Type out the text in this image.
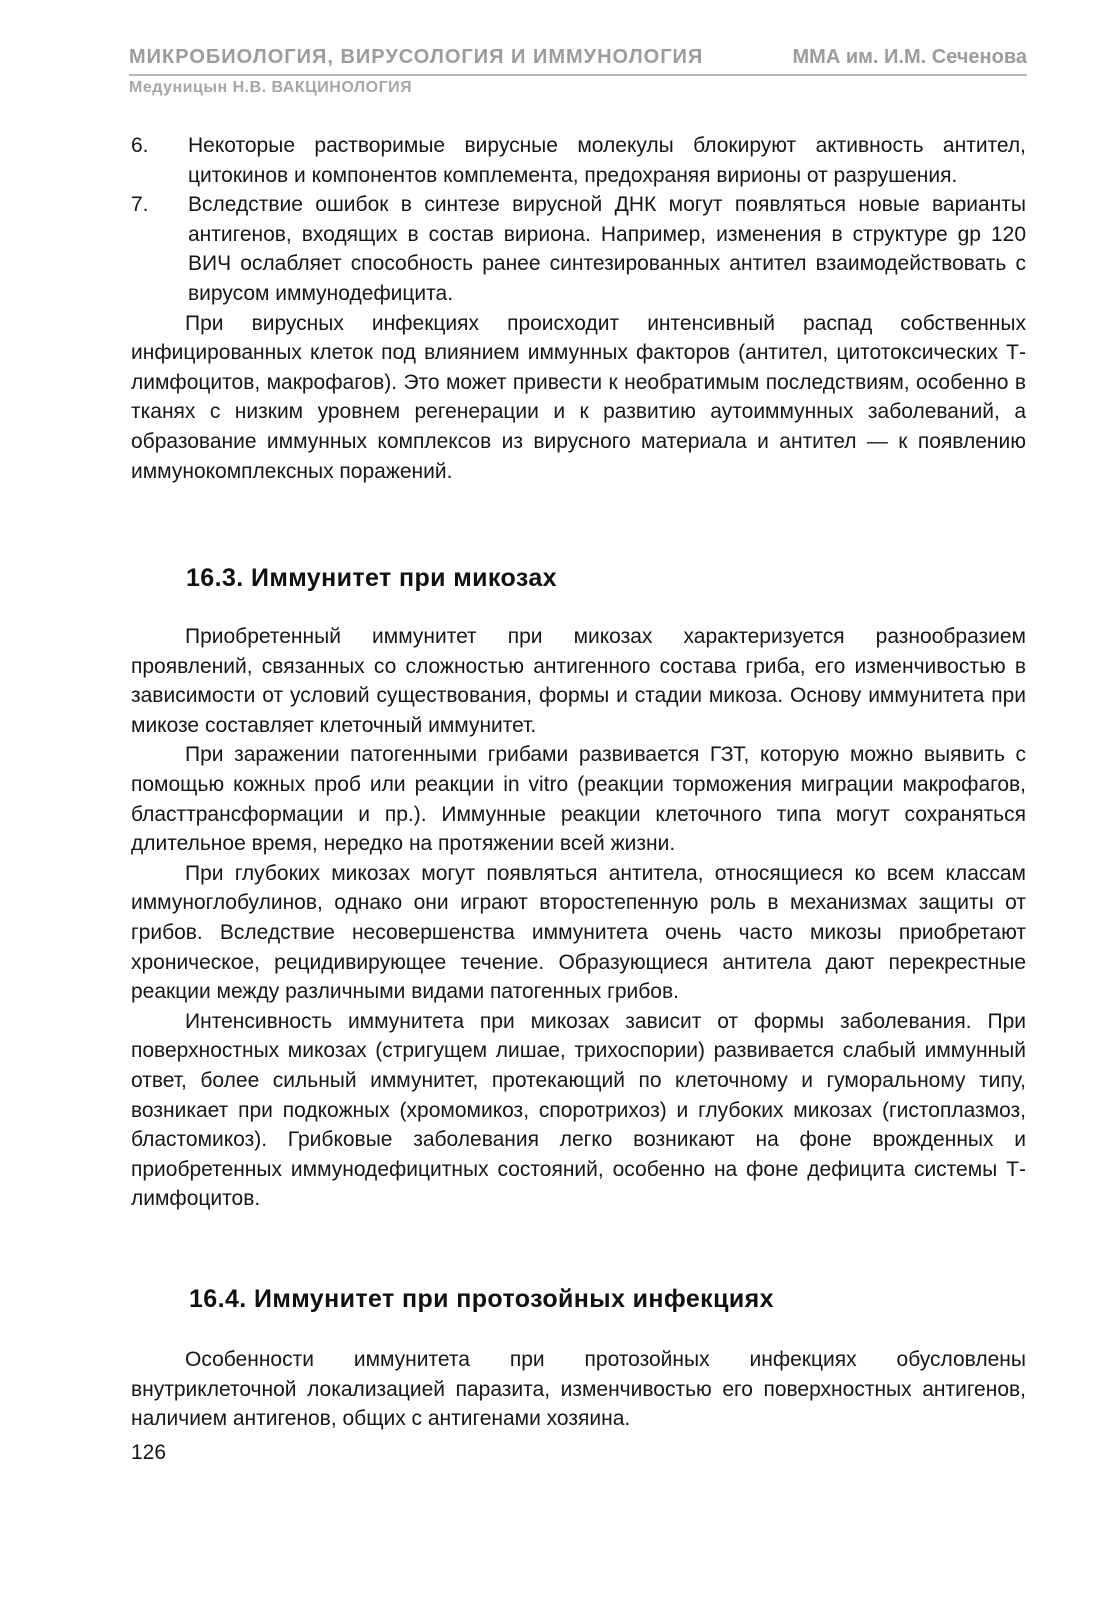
МИКРОБИОЛОГИЯ, ВИРУСОЛОГИЯ И ИММУНОЛОГИЯ	ММА им. И.М. Сеченова
Медуницын Н.В. ВАКЦИНОЛОГИЯ
6. Некоторые растворимые вирусные молекулы блокируют активность антител, цитокинов и компонентов комплемента, предохраняя вирионы от разрушения.
7. Вследствие ошибок в синтезе вирусной ДНК могут появляться новые варианты антигенов, входящих в состав вириона. Например, изменения в структуре gp 120 ВИЧ ослабляет способность ранее синтезированных антител взаимодействовать с вирусом иммунодефицита.
При вирусных инфекциях происходит интенсивный распад собственных инфицированных клеток под влиянием иммунных факторов (антител, цитотоксических Т-лимфоцитов, макрофагов). Это может привести к необратимым последствиям, особенно в тканях с низким уровнем регенерации и к развитию аутоиммунных заболеваний, а образование иммунных комплексов из вирусного материала и антител — к появлению иммунокомплексных поражений.
16.3. Иммунитет при микозах
Приобретенный иммунитет при микозах характеризуется разнообразием проявлений, связанных со сложностью антигенного состава гриба, его изменчивостью в зависимости от условий существования, формы и стадии микоза. Основу иммунитета при микозе составляет клеточный иммунитет.
При заражении патогенными грибами развивается ГЗТ, которую можно выявить с помощью кожных проб или реакции in vitro (реакции торможения миграции макрофагов, бласттрансформации и пр.). Иммунные реакции клеточного типа могут сохраняться длительное время, нередко на протяжении всей жизни.
При глубоких микозах могут появляться антитела, относящиеся ко всем классам иммуноглобулинов, однако они играют второстепенную роль в механизмах защиты от грибов. Вследствие несовершенства иммунитета очень часто микозы приобретают хроническое, рецидивирующее течение. Образующиеся антитела дают перекрестные реакции между различными видами патогенных грибов.
Интенсивность иммунитета при микозах зависит от формы заболевания. При поверхностных микозах (стригущем лишае, трихоспории) развивается слабый иммунный ответ, более сильный иммунитет, протекающий по клеточному и гуморальному типу, возникает при подкожных (хромомикоз, споротрихоз) и глубоких микозах (гистоплазмоз, бластомикоз). Грибковые заболевания легко возникают на фоне врожденных и приобретенных иммунодефицитных состояний, особенно на фоне дефицита системы Т-лимфоцитов.
16.4. Иммунитет при протозойных инфекциях
Особенности иммунитета при протозойных инфекциях обусловлены внутриклеточной локализацией паразита, изменчивостью его поверхностных антигенов, наличием антигенов, общих с антигенами хозяина.
126
